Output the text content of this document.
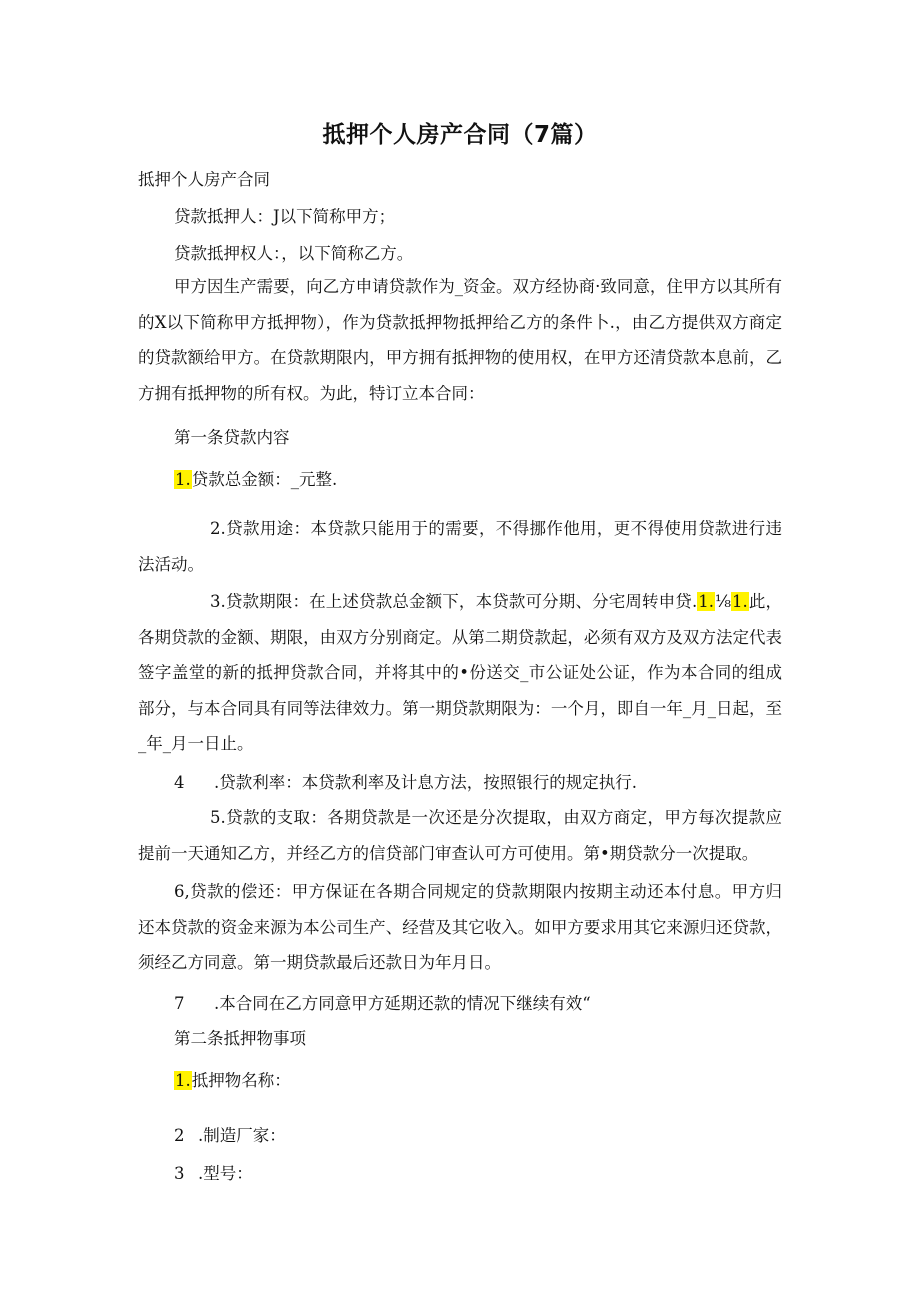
抵押个人房产合同（7篇）
抵押个人房产合同
贷款抵押人：J以下简称甲方；
贷款抵押权人：，以下简称乙方。
甲方因生产需要，向乙方申请贷款作为_资金。双方经协商·致同意，住甲方以其所有的X以下简称甲方抵押物），作为贷款抵押物抵押给乙方的条件卜.，由乙方提供双方商定的贷款额给甲方。在贷款期限内，甲方拥有抵押物的使用权，在甲方还清贷款本息前，乙方拥有抵押物的所有权。为此，特订立本合同：
第一条贷款内容
1.贷款总金额：_元整.
2.贷款用途：本贷款只能用于的需要，不得挪作他用，更不得使用贷款进行违法活动。
3.贷款期限：在上述贷款总金额下，本贷款可分期、分宅周转申贷.1.⅛1.此，各期贷款的金额、期限，由双方分别商定。从第二期贷款起，必须有双方及双方法定代表签字盖堂的新的抵押贷款合同，并将其中的•份送交_市公证处公证，作为本合同的组成部分，与本合同具有同等法律效力。第一期贷款期限为：一个月，即自一年_月_日起，至_年_月一日止。
4 .贷款利率：本贷款利率及计息方法，按照银行的规定执行.
5.贷款的支取：各期贷款是一次还是分次提取，由双方商定，甲方每次提款应提前一天通知乙方，并经乙方的信贷部门审查认可方可使用。第•期贷款分一次提取。
6,贷款的偿还：甲方保证在各期合同规定的贷款期限内按期主动还本付息。甲方归还本贷款的资金来源为本公司生产、经营及其它收入。如甲方要求用其它来源归还贷款，须经乙方同意。第一期贷款最后还款日为年月日。
7 .本合同在乙方同意甲方延期还款的情况下继续有效“
第二条抵押物事项
1.抵押物名称：
2 .制造厂家：
3 .型号：
